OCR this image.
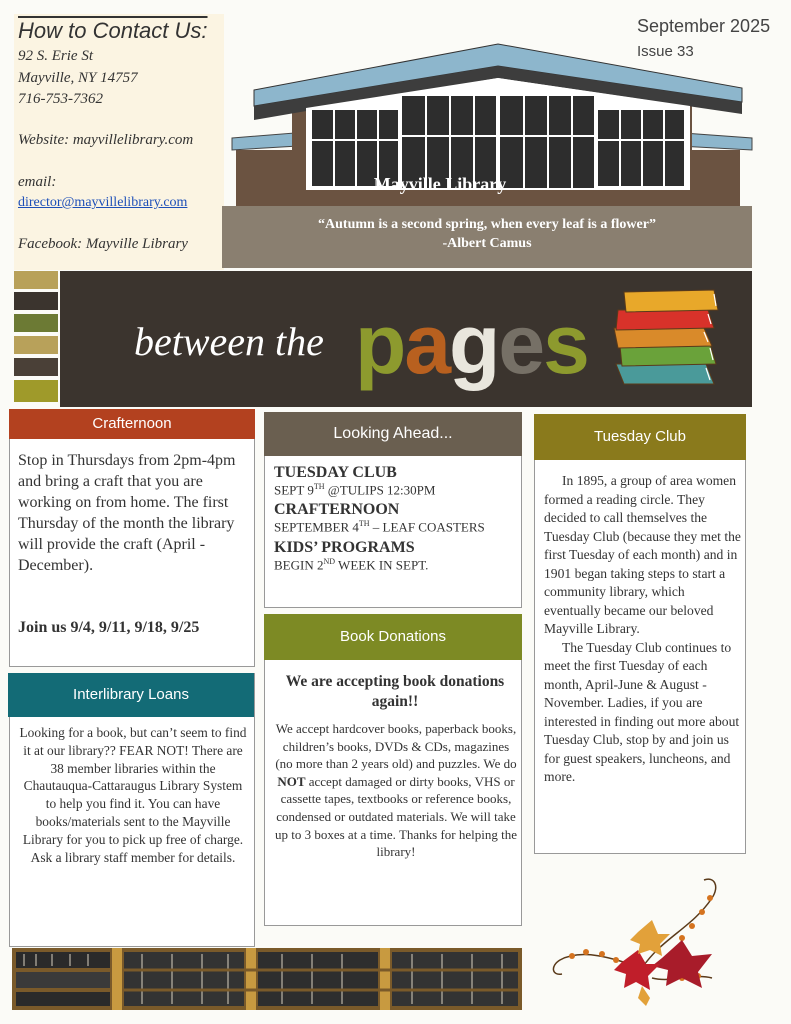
How to Contact Us:
92 S. Erie St
Mayville, NY 14757
716-753-7362
Website: mayvillelibrary.com
email:
director@mayvillelibrary.com
Facebook: Mayville Library
September 2025
Issue 33
Mayville Library
“Autumn is a second spring, when every leaf is a flower”
-Albert Camus
between the pages
Crafternoon
Stop in Thursdays from 2pm-4pm and bring a craft that you are working on from home. The first Thursday of the month the library will provide the craft (April - December).
Join us 9/4, 9/11, 9/18, 9/25
Interlibrary Loans
Looking for a book, but can’t seem to find it at our library?? FEAR NOT! There are 38 member libraries within the Chautauqua-Cattaraugus Library System to help you find it. You can have books/materials sent to the Mayville Library for you to pick up free of charge. Ask a library staff member for details.
Looking Ahead...
TUESDAY CLUB
SEPT 9TH @TULIPS 12:30PM
CRAFTERNOON
SEPTEMBER 4TH – LEAF COASTERS
KIDS’ PROGRAMS
BEGIN 2ND WEEK IN SEPT.
Book Donations
We are accepting book donations again!!
We accept hardcover books, paperback books, children’s books, DVDs & CDs, magazines (no more than 2 years old) and puzzles. We do NOT accept damaged or dirty books, VHS or cassette tapes, textbooks or reference books, condensed or outdated materials. We will take up to 3 boxes at a time. Thanks for helping the library!
Tuesday Club

In 1895, a group of area women formed a reading circle. They decided to call themselves the Tuesday Club (because they met the first Tuesday of each month) and in 1901 began taking steps to start a community library, which eventually became our beloved Mayville Library.

The Tuesday Club continues to meet the first Tuesday of each month, April-June & August - November. Ladies, if you are interested in finding out more about Tuesday Club, stop by and join us for guest speakers, luncheons, and more.
